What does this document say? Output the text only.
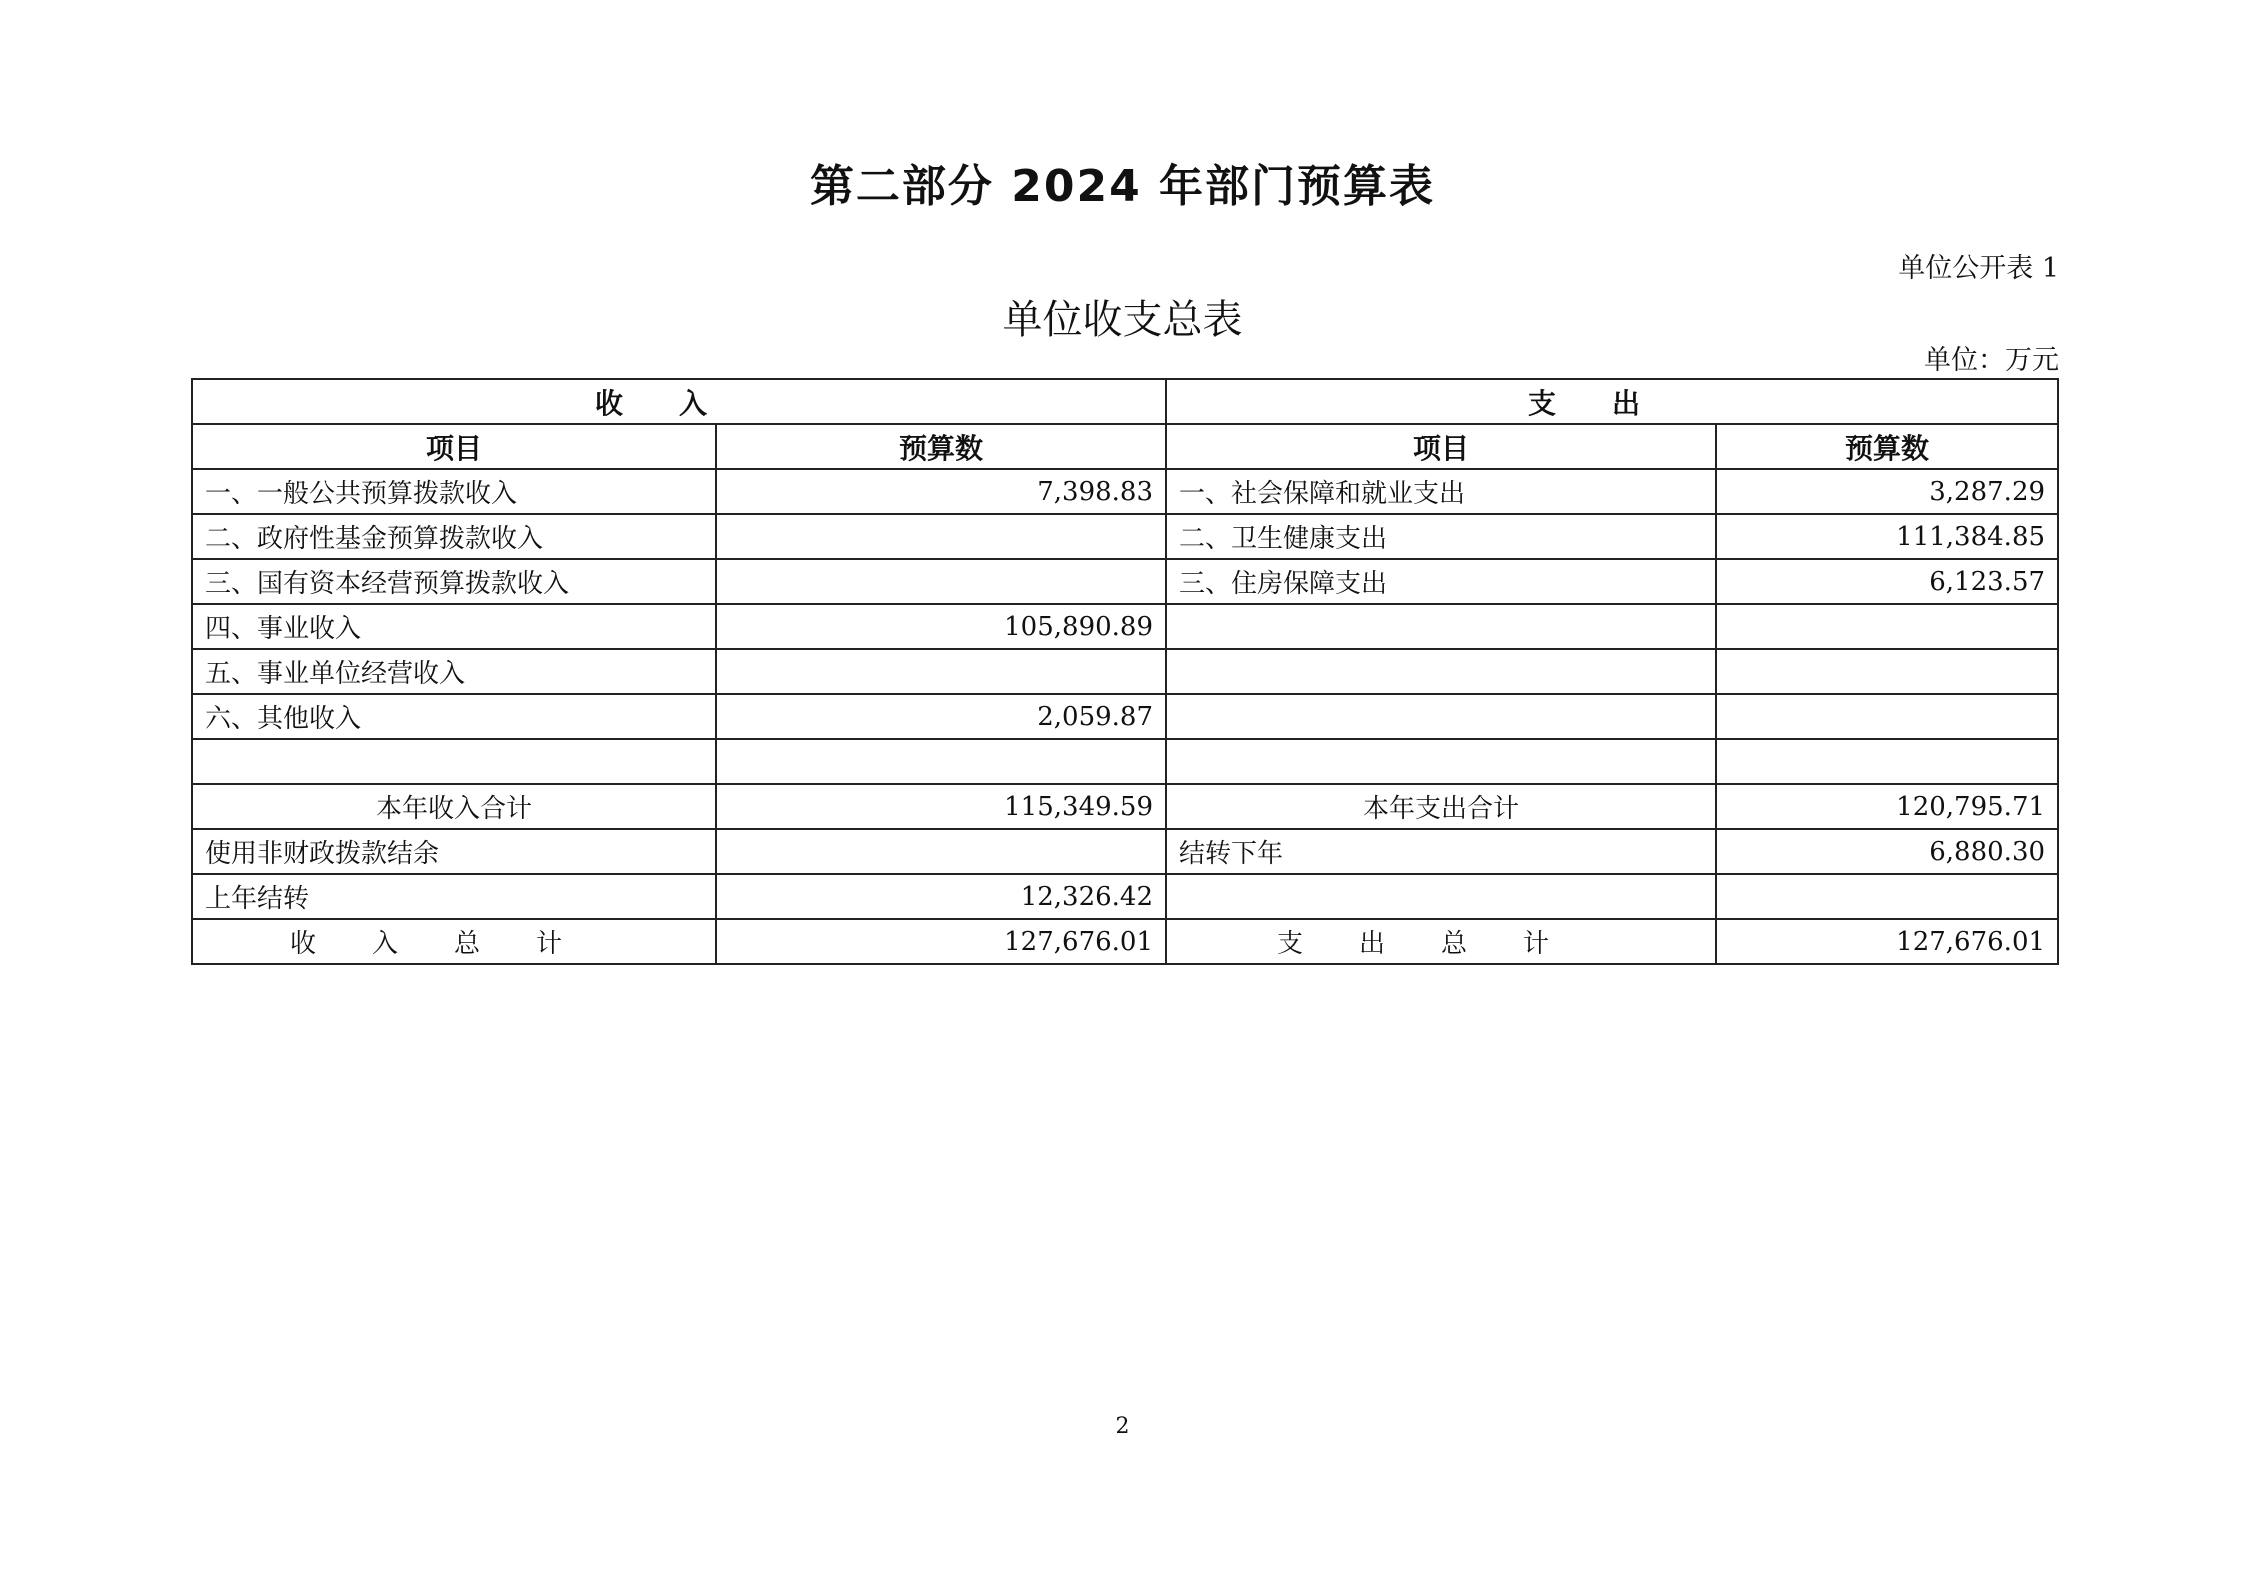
第二部分 2024 年部门预算表
单位公开表 1
单位收支总表
单位：万元
收入		支出	
项目	预算数	项目	预算数
一、一般公共预算拨款收入	7,398.83	一、社会保障和就业支出	3,287.29
二、政府性基金预算拨款收入		二、卫生健康支出	111,384.85
三、国有资本经营预算拨款收入		三、住房保障支出	6,123.57
四、事业收入	105,890.89		
五、事业单位经营收入			
六、其他收入	2,059.87		

本年收入合计	115,349.59	本年支出合计	120,795.71
使用非财政拨款结余		结转下年	6,880.30
上年结转	12,326.42		
收入总计	127,676.01	支出总计	127,676.01
2
